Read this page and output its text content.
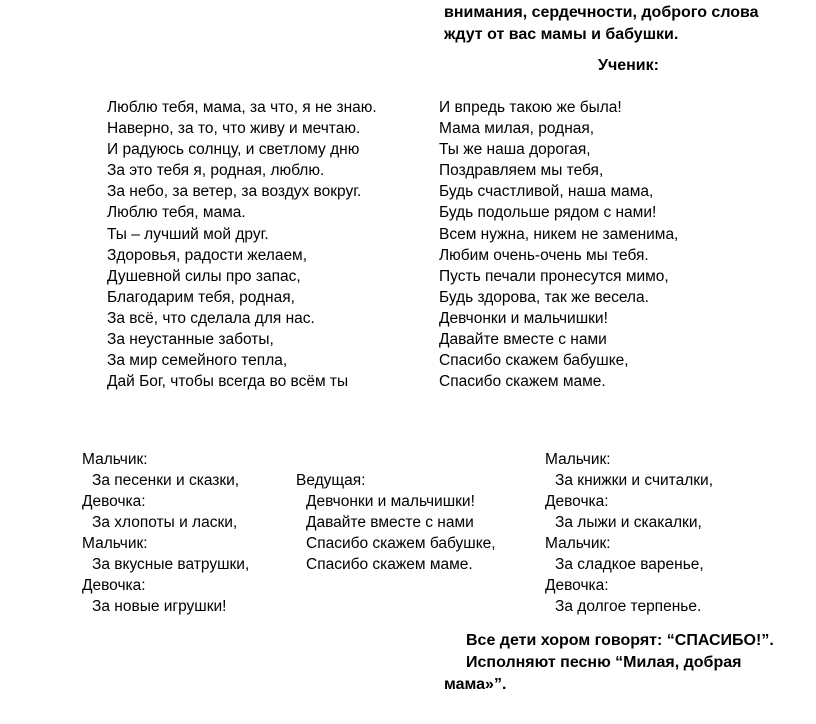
внимания, сердечности, доброго слова
ждут от вас мамы и бабушки.
Ученик:
Люблю тебя, мама, за что, я не знаю.
Наверно, за то, что живу и мечтаю.
И радуюсь солнцу, и светлому дню
За это тебя я, родная, люблю.
За небо, за ветер, за воздух вокруг.
Люблю тебя, мама.
Ты – лучший мой друг.
Здоровья, радости желаем,
Душевной силы про запас,
Благодарим тебя, родная,
За всё, что сделала для нас.
За неустанные заботы,
За мир семейного тепла,
Дай Бог, чтобы всегда во всём ты
И впредь такою же была!
Мама милая, родная,
Ты же наша дорогая,
Поздравляем мы тебя,
Будь счастливой, наша мама,
Будь подольше рядом с нами!
Всем нужна, никем не заменима,
Любим очень-очень мы тебя.
Пусть печали пронесутся мимо,
Будь здорова, так же весела.
Девчонки и мальчишки!
Давайте вместе с нами
Спасибо скажем бабушке,
Спасибо скажем маме.
Мальчик:
За песенки и сказки,
Девочка:
За хлопоты и ласки,
Мальчик:
За вкусные ватрушки,
Девочка:
За новые игрушки!
Ведущая:
Девчонки и мальчишки!
Давайте вместе с нами
Спасибо скажем бабушке,
Спасибо скажем маме.
Мальчик:
За книжки и считалки,
Девочка:
За лыжи и скакалки,
Мальчик:
За сладкое варенье,
Девочка:
За долгое терпенье.
Все дети хором говорят: “СПАСИБО!”.
Исполняют песню “Милая, добрая
мама»”.
